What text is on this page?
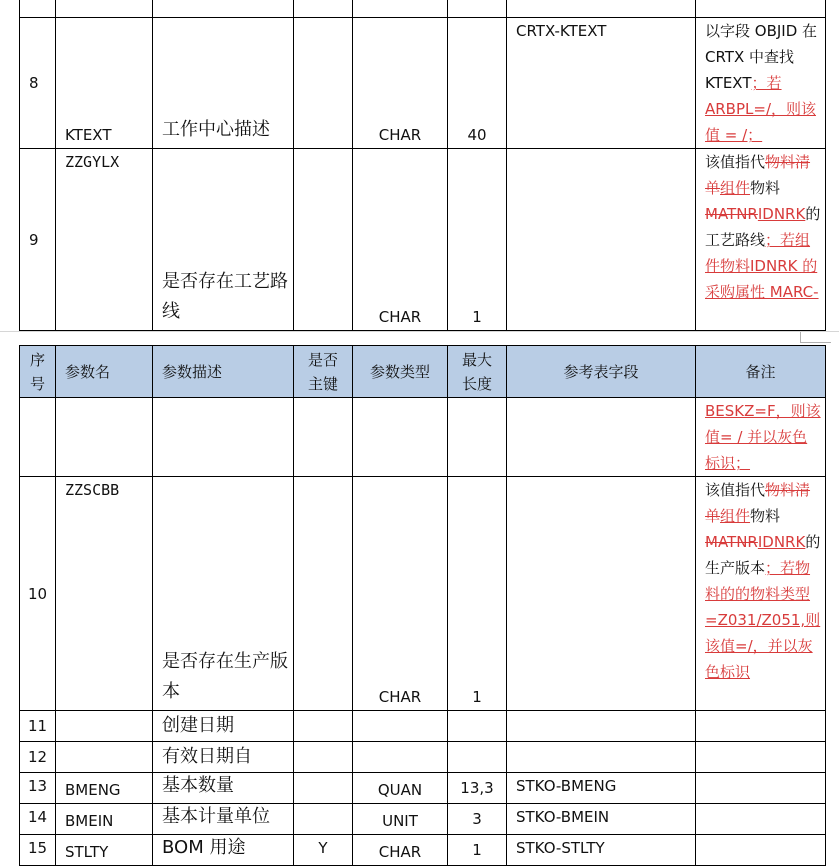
8	KTEXT	工作中心描述		CHAR	40	CRTX-KTEXT	以字段 OBJID 在 CRTX 中查找 KTEXT；若 ARBPL=/，则该值 = /；
9	ZZGYLX	是否存在工艺路线		CHAR	1		该值指代物料清单组件物料MATNRIDNRK的工艺路线；若组件物料IDNRK 的采购属性 MARC-
序号	参数名	参数描述	是否主键	参数类型	最大长度	参考表字段	备注
							BESKZ=F，则该值= / 并以灰色标识；
10	ZZSCBB	是否存在生产版本		CHAR	1		该值指代物料清单组件物料MATNRIDNRK的生产版本；若物料的的物料类型=Z031/Z051,则该值=/，并以灰色标识
11		创建日期					
12		有效日期自					
13	BMENG	基本数量		QUAN	13,3	STKO-BMENG	
14	BMEIN	基本计量单位		UNIT	3	STKO-BMEIN	
15	STLTY	BOM 用途	Y	CHAR	1	STKO-STLTY	
